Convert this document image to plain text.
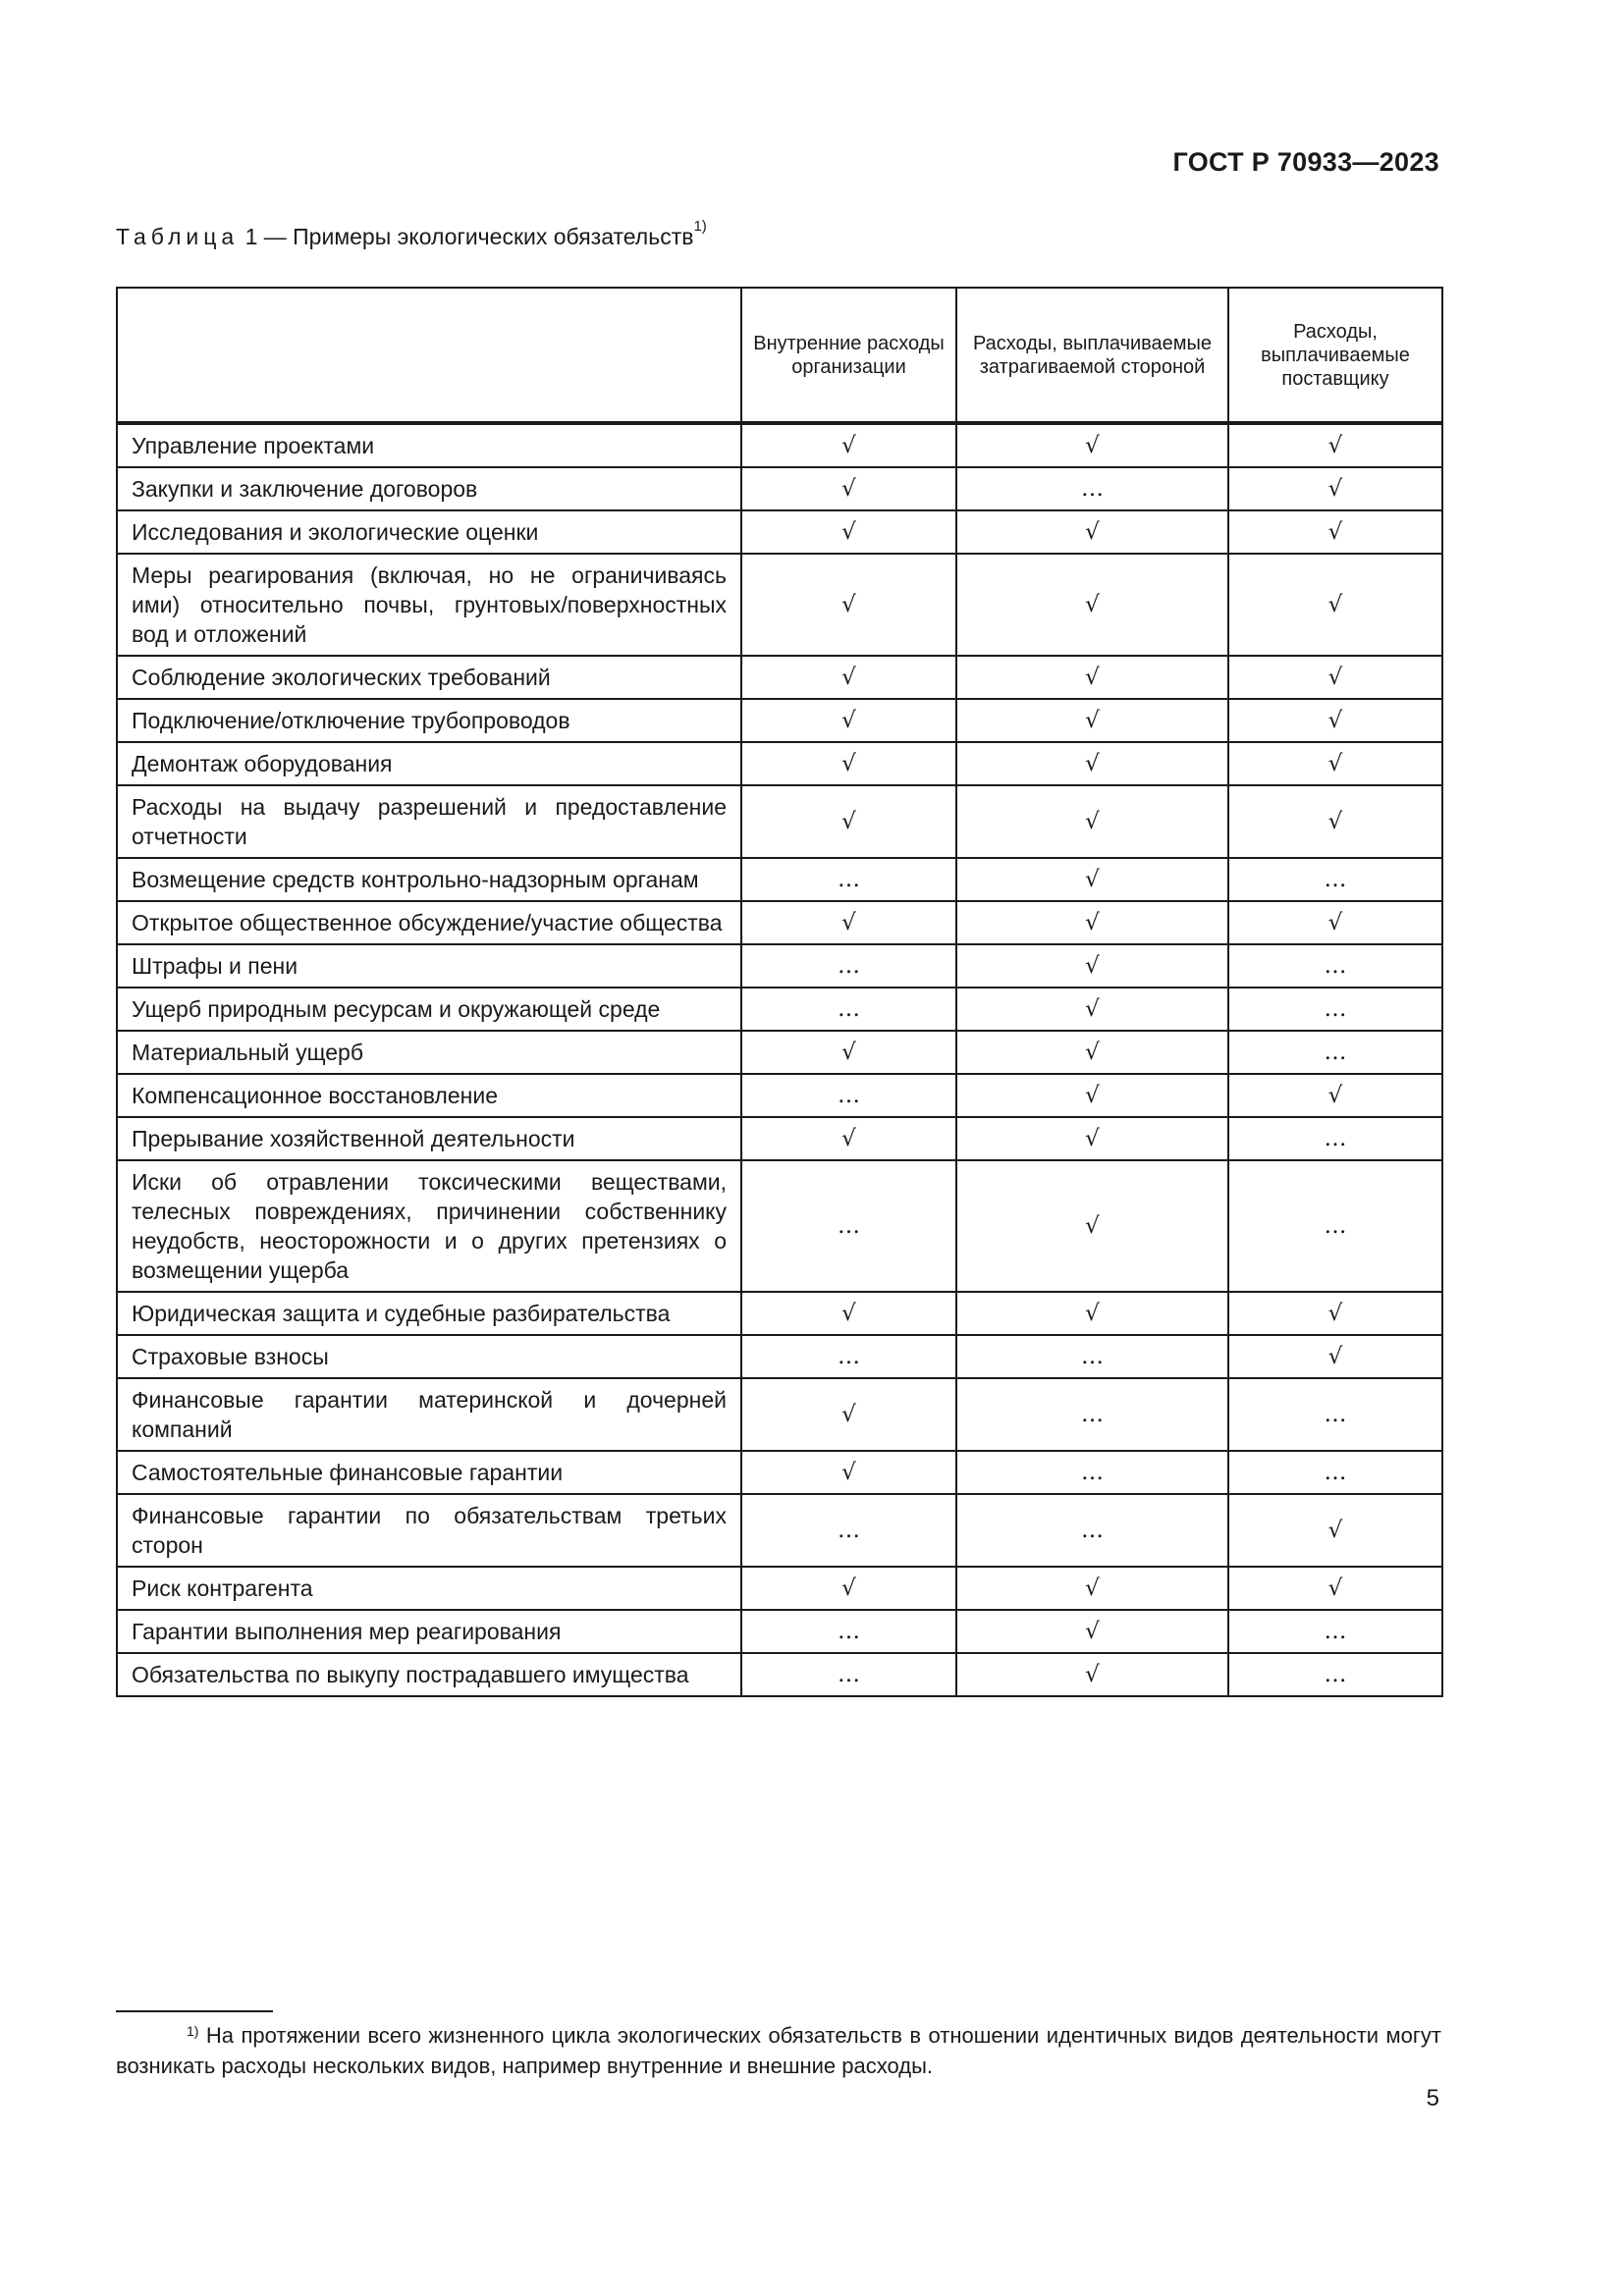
ГОСТ Р 70933—2023
Таблица 1 — Примеры экологических обязательств$^{1)}$
	Внутренние расходы организации	Расходы, выплачиваемые затрагиваемой стороной	Расходы, выплачиваемые поставщику
Управление проектами	√	√	√
Закупки и заключение договоров	√	…	√
Исследования и экологические оценки	√	√	√
Меры реагирования (включая, но не ограничиваясь ими) относительно почвы, грунтовых/поверхностных вод и отложений	√	√	√
Соблюдение экологических требований	√	√	√
Подключение/отключение трубопроводов	√	√	√
Демонтаж оборудования	√	√	√
Расходы на выдачу разрешений и предоставление отчетности	√	√	√
Возмещение средств контрольно-надзорным органам	…	√	…
Открытое общественное обсуждение/участие общества	√	√	√
Штрафы и пени	…	√	…
Ущерб природным ресурсам и окружающей среде	…	√	…
Материальный ущерб	√	√	…
Компенсационное восстановление	…	√	√
Прерывание хозяйственной деятельности	√	√	…
Иски об отравлении токсическими веществами, телесных повреждениях, причинении собственнику неудобств, неосторожности и о других претензиях о возмещении ущерба	…	√	…
Юридическая защита и судебные разбирательства	√	√	√
Страховые взносы	…	…	√
Финансовые гарантии материнской и дочерней компаний	√	…	…
Самостоятельные финансовые гарантии	√	…	…
Финансовые гарантии по обязательствам третьих сторон	…	…	√
Риск контрагента	√	√	√
Гарантии выполнения мер реагирования	…	√	…
Обязательства по выкупу пострадавшего имущества	…	√	…
$^{1)}$ На протяжении всего жизненного цикла экологических обязательств в отношении идентичных видов деятельности могут возникать расходы нескольких видов, например внутренние и внешние расходы.
5
